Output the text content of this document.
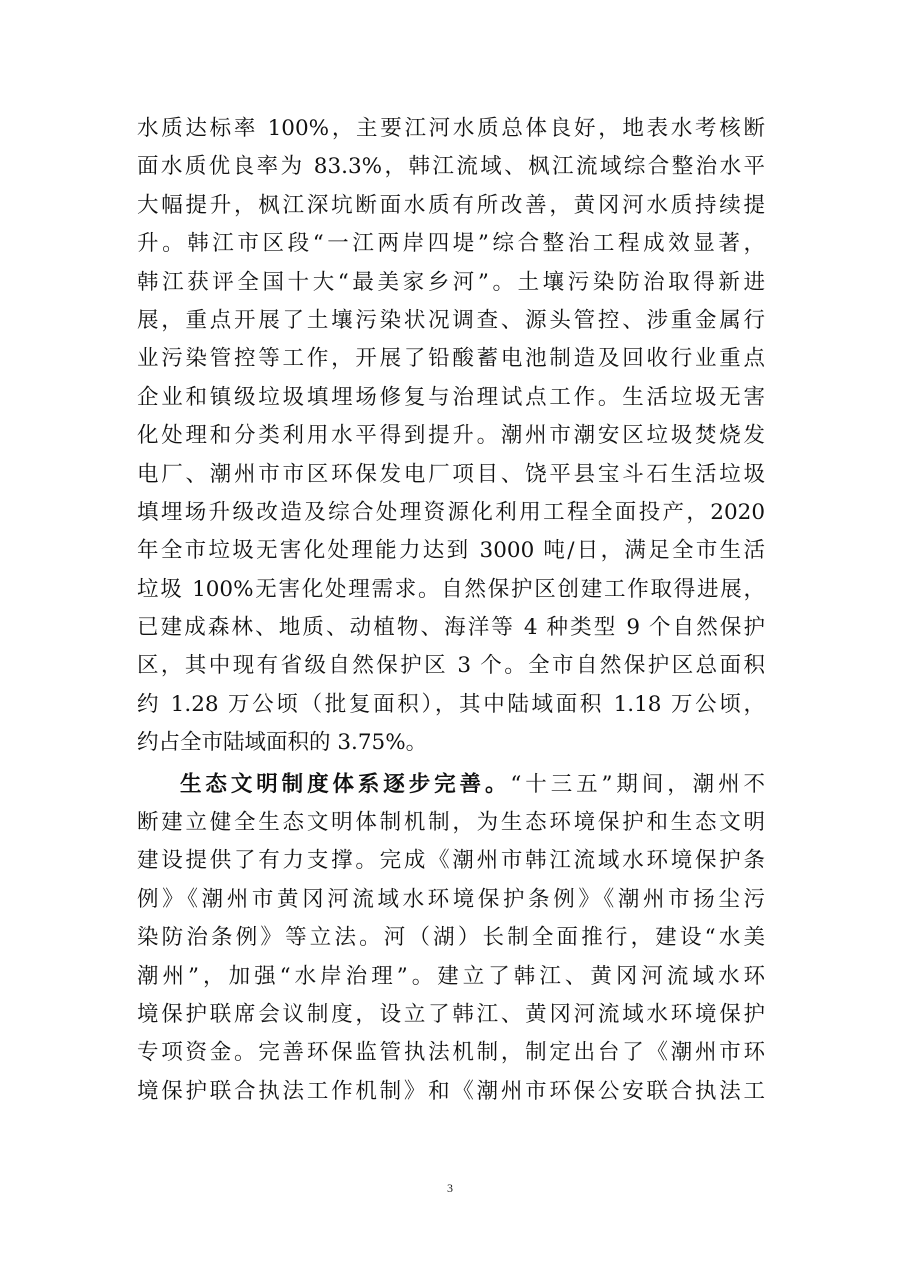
水质达标率 100%，主要江河水质总体良好，地表水考核断
面水质优良率为 83.3%，韩江流域、枫江流域综合整治水平
大幅提升，枫江深坑断面水质有所改善，黄冈河水质持续提
升。韩江市区段“一江两岸四堤”综合整治工程成效显著，
韩江获评全国十大“最美家乡河”。土壤污染防治取得新进
展，重点开展了土壤污染状况调查、源头管控、涉重金属行
业污染管控等工作，开展了铅酸蓄电池制造及回收行业重点
企业和镇级垃圾填埋场修复与治理试点工作。生活垃圾无害
化处理和分类利用水平得到提升。潮州市潮安区垃圾焚烧发
电厂、潮州市市区环保发电厂项目、饶平县宝斗石生活垃圾
填埋场升级改造及综合处理资源化利用工程全面投产，2020
年全市垃圾无害化处理能力达到 3000 吨/日，满足全市生活
垃圾 100%无害化处理需求。自然保护区创建工作取得进展，
已建成森林、地质、动植物、海洋等 4 种类型 9 个自然保护
区，其中现有省级自然保护区 3 个。全市自然保护区总面积
约 1.28 万公顷（批复面积），其中陆域面积 1.18 万公顷，
约占全市陆域面积的 3.75%。
生态文明制度体系逐步完善。“十三五”期间，潮州不
断建立健全生态文明体制机制，为生态环境保护和生态文明
建设提供了有力支撑。完成《潮州市韩江流域水环境保护条
例》《潮州市黄冈河流域水环境保护条例》《潮州市扬尘污
染防治条例》等立法。河（湖）长制全面推行，建设“水美
潮州”，加强“水岸治理”。建立了韩江、黄冈河流域水环
境保护联席会议制度，设立了韩江、黄冈河流域水环境保护
专项资金。完善环保监管执法机制，制定出台了《潮州市环
境保护联合执法工作机制》和《潮州市环保公安联合执法工
3
